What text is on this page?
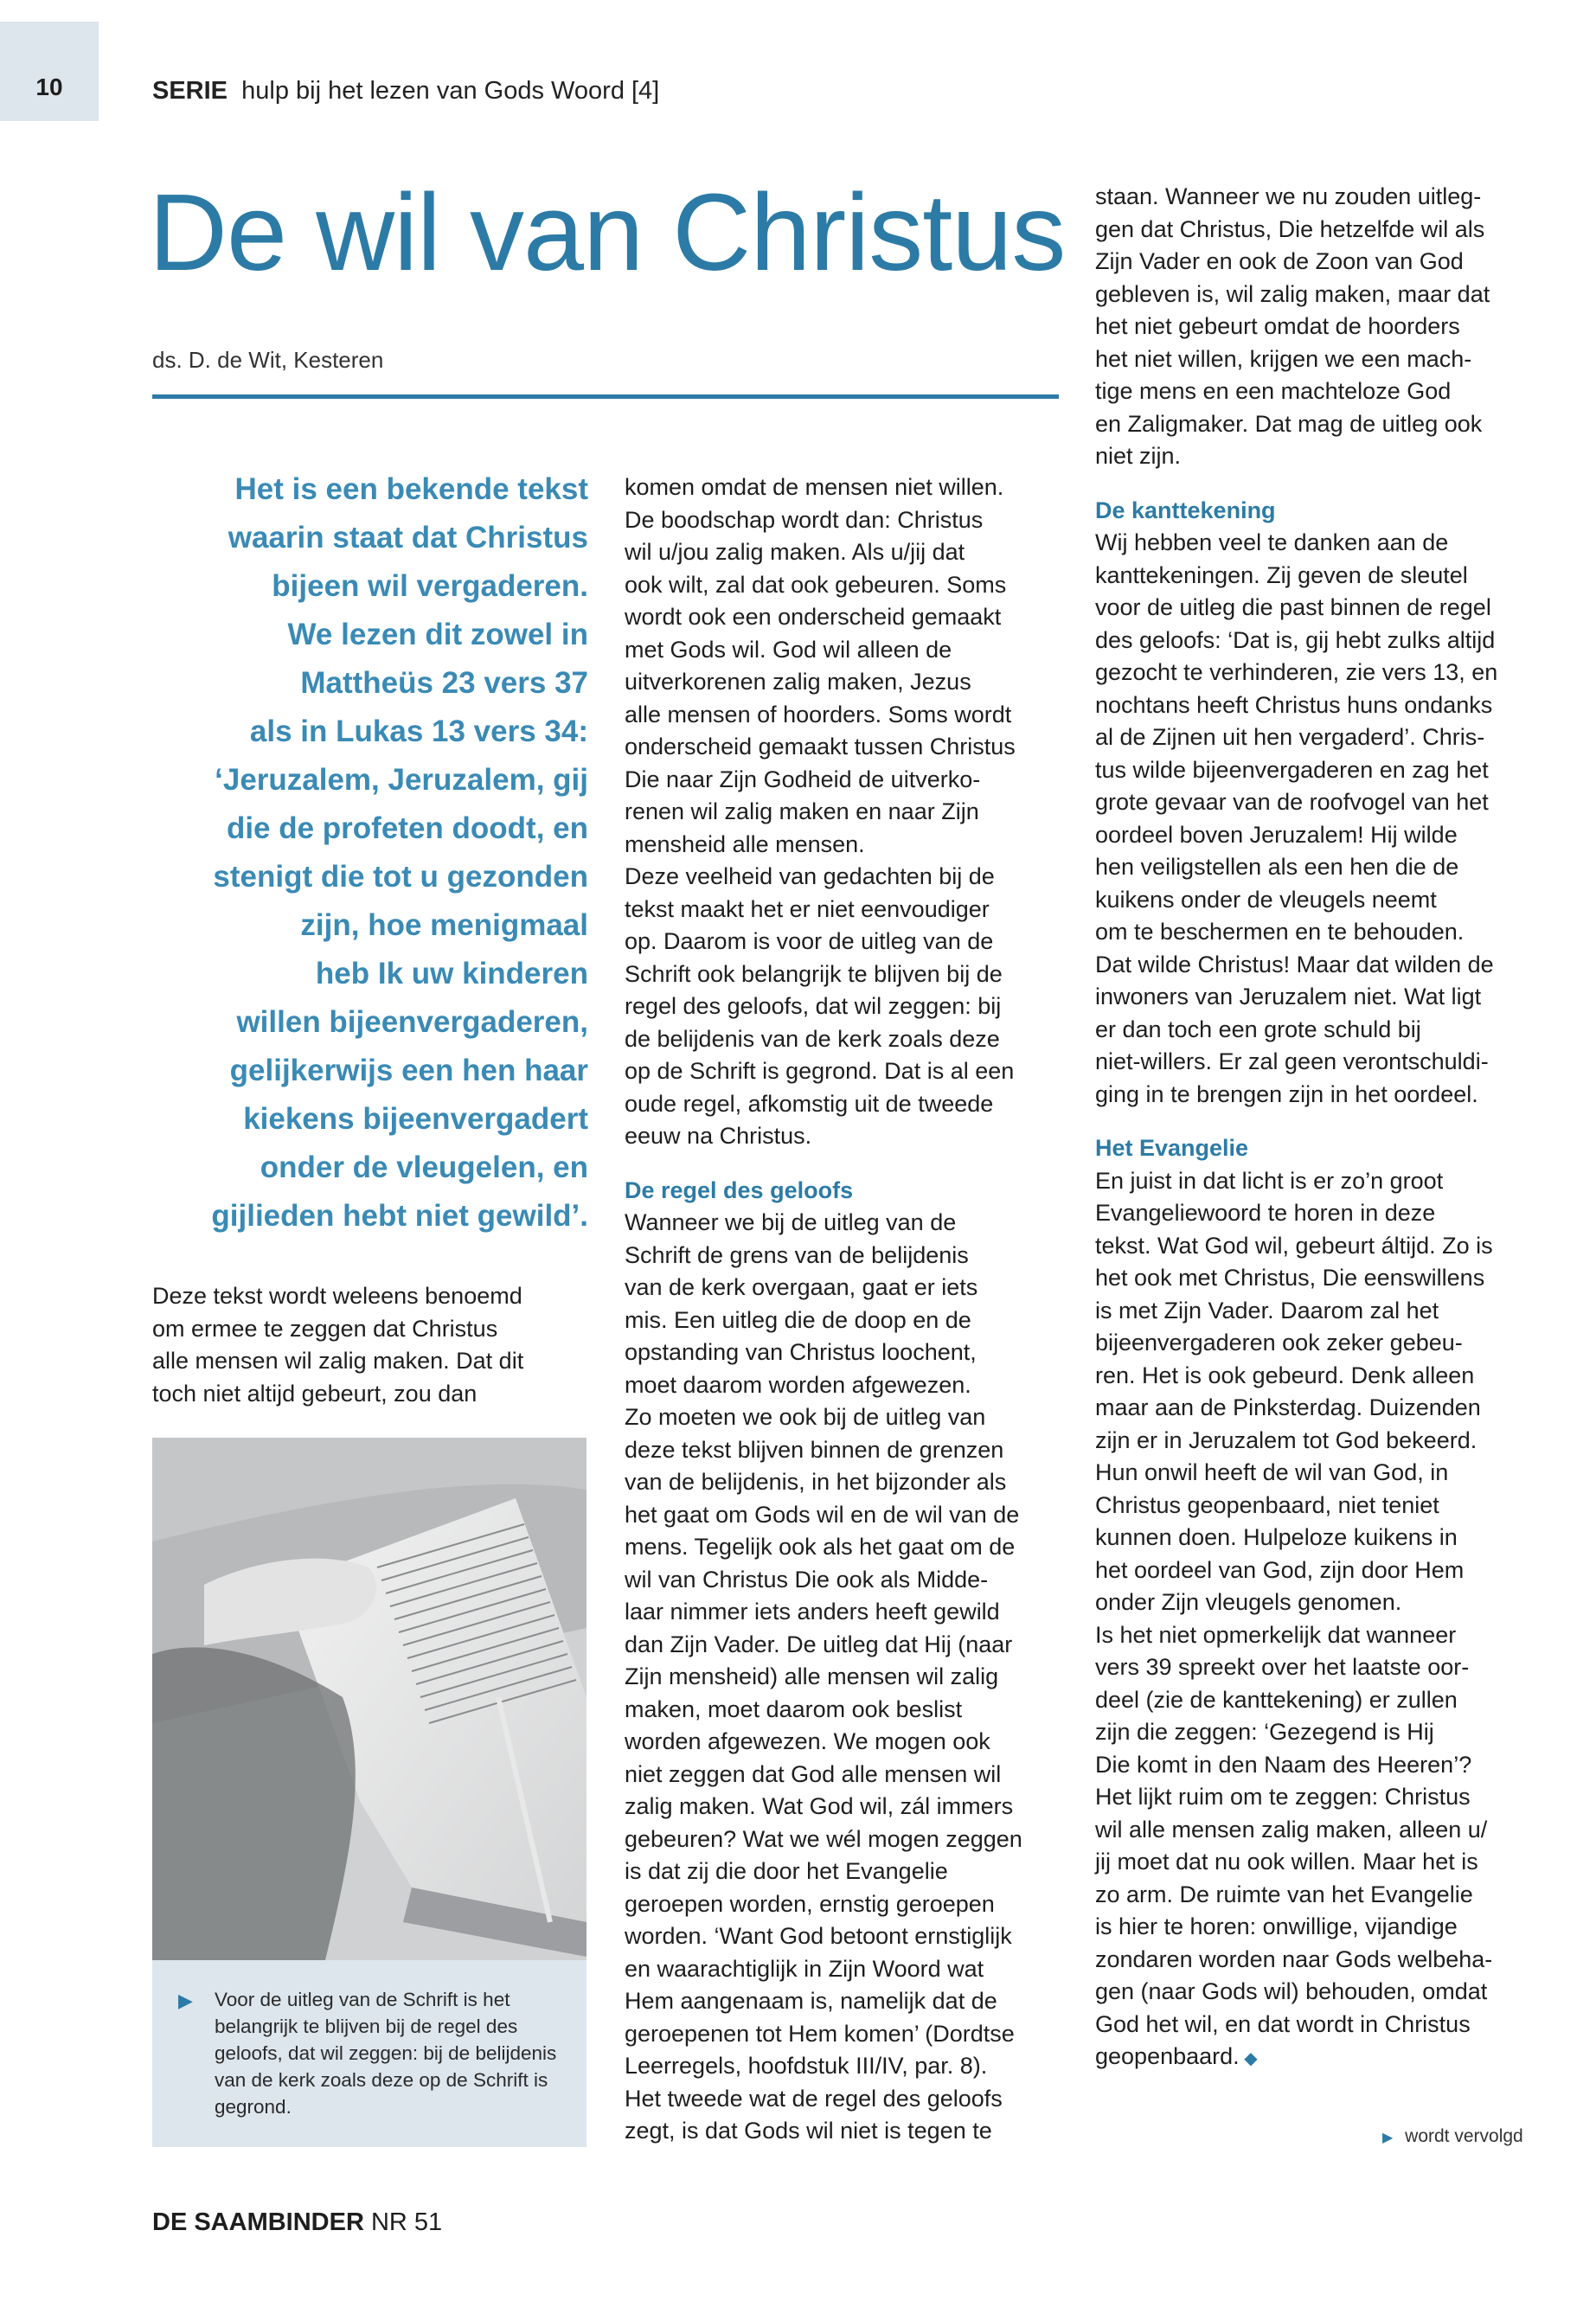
10	SERIE hulp bij het lezen van Gods Woord [4]
De wil van Christus
ds. D. de Wit, Kesteren
Het is een bekende tekst
waarin staat dat Christus
bijeen wil vergaderen.
We lezen dit zowel in
Mattheüs 23 vers 37
als in Lukas 13 vers 34:
‘Jeruzalem, Jeruzalem, gij
die de profeten doodt, en
stenigt die tot u gezonden
zijn, hoe menigmaal
heb Ik uw kinderen
willen bijeenvergaderen,
gelijkerwijs een hen haar
kiekens bijeenvergadert
onder de vleugelen, en
gijlieden hebt niet gewild’.
Deze tekst wordt weleens benoemd
om ermee te zeggen dat Christus
alle mensen wil zalig maken. Dat dit
toch niet altijd gebeurt, zou dan
▶ Voor de uitleg van de Schrift is het belangrijk te blijven bij de regel des geloofs, dat wil zeggen: bij de belijdenis van de kerk zoals deze op de Schrift is gegrond.
komen omdat de mensen niet willen.
De boodschap wordt dan: Christus
wil u/jou zalig maken. Als u/jij dat
ook wilt, zal dat ook gebeuren. Soms
wordt ook een onderscheid gemaakt
met Gods wil. God wil alleen de
uitverkorenen zalig maken, Jezus
alle mensen of hoorders. Soms wordt
onderscheid gemaakt tussen Christus
Die naar Zijn Godheid de uitverko-
renen wil zalig maken en naar Zijn
mensheid alle mensen.
Deze veelheid van gedachten bij de
tekst maakt het er niet eenvoudiger
op. Daarom is voor de uitleg van de
Schrift ook belangrijk te blijven bij de
regel des geloofs, dat wil zeggen: bij
de belijdenis van de kerk zoals deze
op de Schrift is gegrond. Dat is al een
oude regel, afkomstig uit de tweede
eeuw na Christus.
De regel des geloofs
Wanneer we bij de uitleg van de
Schrift de grens van de belijdenis
van de kerk overgaan, gaat er iets
mis. Een uitleg die de doop en de
opstanding van Christus loochent,
moet daarom worden afgewezen.
Zo moeten we ook bij de uitleg van
deze tekst blijven binnen de grenzen
van de belijdenis, in het bijzonder als
het gaat om Gods wil en de wil van de
mens. Tegelijk ook als het gaat om de
wil van Christus Die ook als Midde-
laar nimmer iets anders heeft gewild
dan Zijn Vader. De uitleg dat Hij (naar
Zijn mensheid) alle mensen wil zalig
maken, moet daarom ook beslist
worden afgewezen. We mogen ook
niet zeggen dat God alle mensen wil
zalig maken. Wat God wil, zál immers
gebeuren? Wat we wél mogen zeggen
is dat zij die door het Evangelie
geroepen worden, ernstig geroepen
worden. ‘Want God betoont ernstiglijk
en waarachtiglijk in Zijn Woord wat
Hem aangenaam is, namelijk dat de
geroepenen tot Hem komen’ (Dordtse
Leerregels, hoofdstuk III/IV, par. 8).
Het tweede wat de regel des geloofs
zegt, is dat Gods wil niet is tegen te
staan. Wanneer we nu zouden uitleg-
gen dat Christus, Die hetzelfde wil als
Zijn Vader en ook de Zoon van God
gebleven is, wil zalig maken, maar dat
het niet gebeurt omdat de hoorders
het niet willen, krijgen we een mach-
tige mens en een machteloze God
en Zaligmaker. Dat mag de uitleg ook
niet zijn.
De kanttekening
Wij hebben veel te danken aan de
kanttekeningen. Zij geven de sleutel
voor de uitleg die past binnen de regel
des geloofs: ‘Dat is, gij hebt zulks altijd
gezocht te verhinderen, zie vers 13, en
nochtans heeft Christus huns ondanks
al de Zijnen uit hen vergaderd’. Chris-
tus wilde bijeenvergaderen en zag het
grote gevaar van de roofvogel van het
oordeel boven Jeruzalem! Hij wilde
hen veiligstellen als een hen die de
kuikens onder de vleugels neemt
om te beschermen en te behouden.
Dat wilde Christus! Maar dat wilden de
inwoners van Jeruzalem niet. Wat ligt
er dan toch een grote schuld bij
niet-willers. Er zal geen verontschuldi-
ging in te brengen zijn in het oordeel.
Het Evangelie
En juist in dat licht is er zo’n groot
Evangeliewoord te horen in deze
tekst. Wat God wil, gebeurt áltijd. Zo is
het ook met Christus, Die eenswillens
is met Zijn Vader. Daarom zal het
bijeenvergaderen ook zeker gebeu-
ren. Het is ook gebeurd. Denk alleen
maar aan de Pinksterdag. Duizenden
zijn er in Jeruzalem tot God bekeerd.
Hun onwil heeft de wil van God, in
Christus geopenbaard, niet teniet
kunnen doen. Hulpeloze kuikens in
het oordeel van God, zijn door Hem
onder Zijn vleugels genomen.
Is het niet opmerkelijk dat wanneer
vers 39 spreekt over het laatste oor-
deel (zie de kanttekening) er zullen
zijn die zeggen: ‘Gezegend is Hij
Die komt in den Naam des Heeren’?
Het lijkt ruim om te zeggen: Christus
wil alle mensen zalig maken, alleen u/
jij moet dat nu ook willen. Maar het is
zo arm. De ruimte van het Evangelie
is hier te horen: onwillige, vijandige
zondaren worden naar Gods welbeha-
gen (naar Gods wil) behouden, omdat
God het wil, en dat wordt in Christus
geopenbaard. ◆
▶ wordt vervolgd
DE SAAMBINDER NR 51
